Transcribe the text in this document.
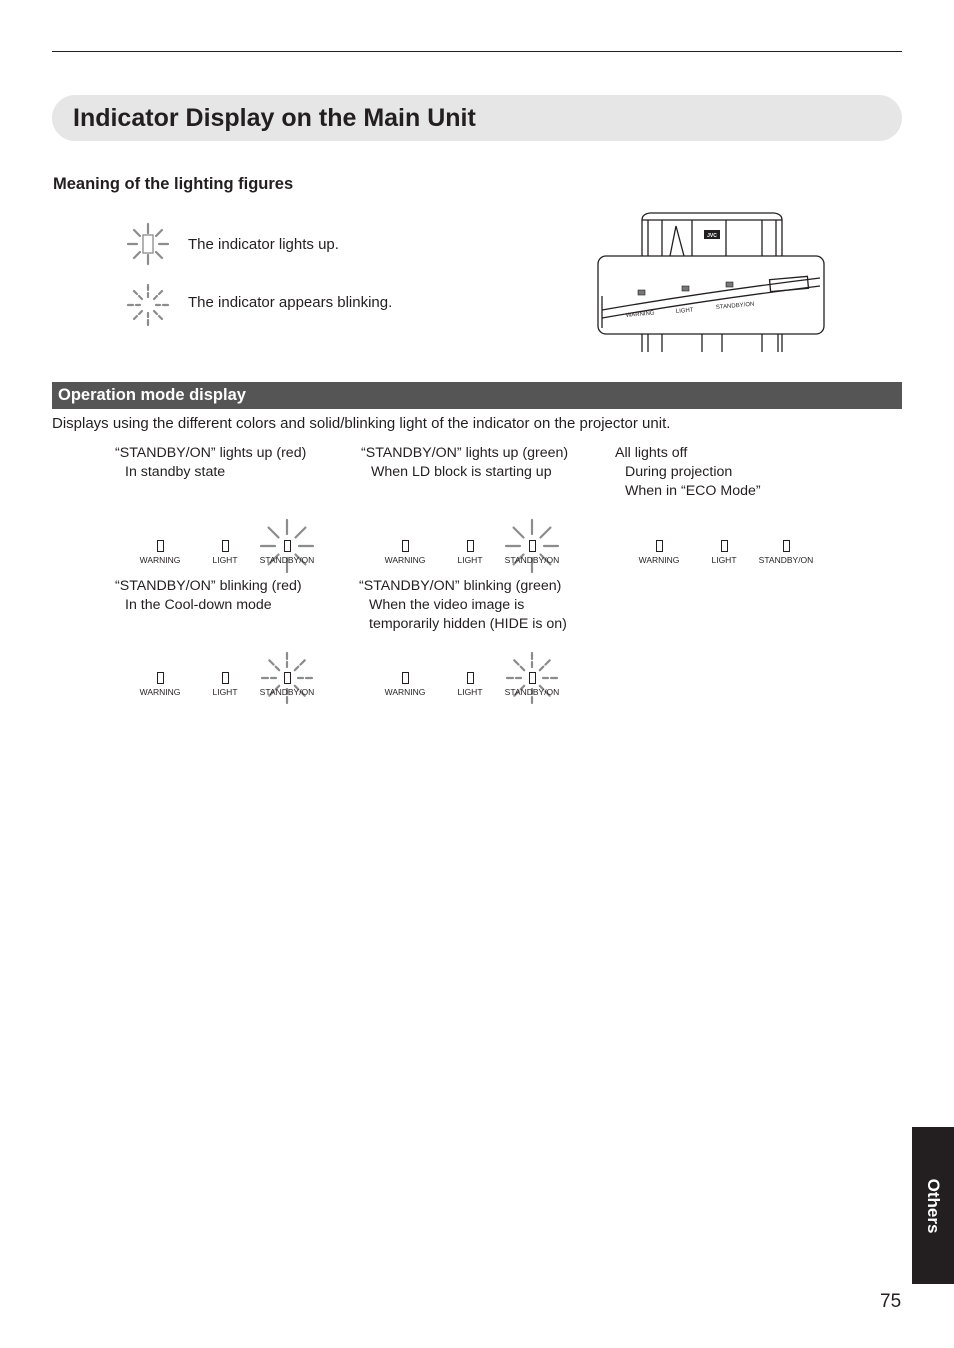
Indicator Display on the Main Unit
Meaning of the lighting figures
The indicator lights up.
The indicator appears blinking.
JVC
WARNING	LIGHT
STANDBY/ON
Operation mode display
Displays using the different colors and solid/blinking light of the indicator on the projector unit.
“STANDBY/ON” lights up (red)
In standby state
“STANDBY/ON” lights up (green)
When LD block is starting up
All lights off
During projection
When in “ECO Mode”
“STANDBY/ON” blinking (red)
In the Cool-down mode
“STANDBY/ON” blinking (green)
When the video image is
temporarily hidden (HIDE is on)
WARNING	LIGHT	STANDBY/ON	WARNING	LIGHT	STANDBY/ON	WARNING	LIGHT	STANDBY/ON
WARNING	LIGHT	STANDBY/ON	WARNING	LIGHT	STANDBY/ON
Others
75
